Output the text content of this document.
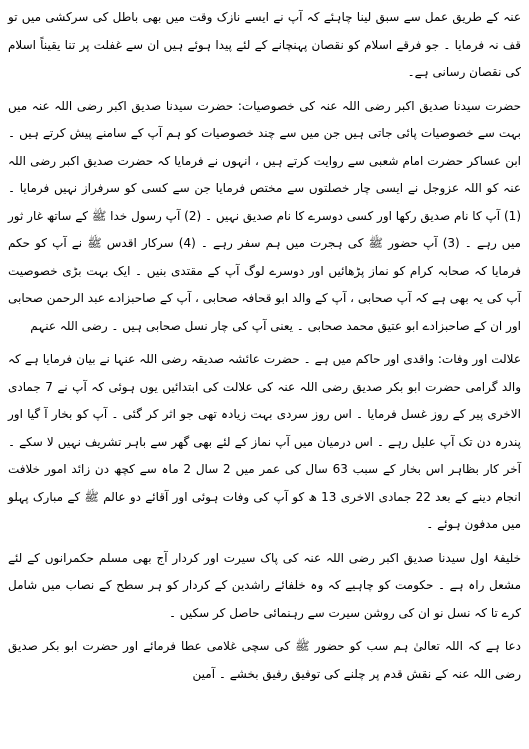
عنہ کے طریق عمل سے سبق لینا چاہئے کہ آپ نے ایسے نازک وقت میں بھی باطل کی سرکشی میں تو قف نہ فرمایا ۔ جو فرقے اسلام کو نقصان پہنچانے کے لئے پیدا ہوئے ہیں ان سے غفلت پر تنا یقیناً اسلام کی نقصان رسانی ہے۔

حضرت سیدنا صدیق اکبر رضی اللہ عنہ کی خصوصیات: حضرت سیدنا صدیق اکبر رضی اللہ عنہ میں بہت سے خصوصیات پائی جاتی ہیں جن میں سے چند خصوصیات کو ہم آپ کے سامنے پیش کرتے ہیں ۔ ابن عساکر حضرت امام شعبی سے روایت کرتے ہیں ، انہوں نے فرمایا کہ حضرت صدیق اکبر رضی اللہ عنہ کو اللہ عزوجل نے ایسی چار خصلتوں سے مختص فرمایا جن سے کسی کو سرفراز نہیں فرمایا ۔ (1) آپ کا نام صدیق رکھا اور کسی دوسرے کا نام صدیق نہیں ۔ (2) آپ رسول خدا ﷺ کے ساتھ غار ثور میں رہے ۔ (3) آپ حضور ﷺ کی ہجرت میں ہم سفر رہے ۔ (4) سرکار اقدس ﷺ نے آپ کو حکم فرمایا کہ صحابہ کرام کو نماز پڑھائیں اور دوسرے لوگ آپ کے مقتدی بنیں ۔ ایک بہت بڑی خصوصیت آپ کی یہ بھی ہے کہ آپ صحابی ، آپ کے والد ابو قحافہ صحابی ، آپ کے صاحبزادے عبد الرحمن صحابی اور ان کے صاحبزادے ابو عتیق محمد صحابی ۔ یعنی آپ کی چار نسل صحابی ہیں ۔ رضی اللہ عنہم

علالت اور وفات: واقدی اور حاکم میں ہے ۔ حضرت عائشہ صدیقہ رضی اللہ عنہا نے بیان فرمایا ہے کہ والد گرامی حضرت ابو بکر صدیق رضی اللہ عنہ کی علالت کی ابتدائیں یوں ہوئی کہ آپ نے 7 جمادی الاخری پیر کے روز غسل فرمایا ۔ اس روز سردی بہت زیادہ تھی جو اثر کر گئی ۔ آپ کو بخار آ گیا اور پندرہ دن تک آپ علیل رہے ۔ اس درمیان میں آپ نماز کے لئے بھی گھر سے باہر تشریف نہیں لا سکے ۔ آخر کار بظاہر اس بخار کے سبب 63 سال کی عمر میں 2 سال 2 ماہ سے کچھ دن زائد امور خلافت انجام دینے کے بعد 22 جمادی الاخری 13 ھ کو آپ کی وفات ہوئی اور آقائے دو عالم ﷺ کے مبارک پہلو میں مدفون ہوئے ۔

خلیفۂ اول سیدنا صدیق اکبر رضی اللہ عنہ کی پاک سیرت اور کردار آج بھی مسلم حکمرانوں کے لئے مشعل راہ ہے ۔ حکومت کو چاہیے کہ وہ خلفائے راشدین کے کردار کو ہر سطح کے نصاب میں شامل کرے تا کہ نسل نو ان کی روشن سیرت سے رہنمائی حاصل کر سکیں ۔

دعا ہے کہ اللہ تعالیٰ ہم سب کو حضور ﷺ کی سچی غلامی عطا فرمائے اور حضرت ابو بکر صدیق رضی اللہ عنہ کے نقش قدم پر چلنے کی توفیق رفیق بخشے ۔ آمین
